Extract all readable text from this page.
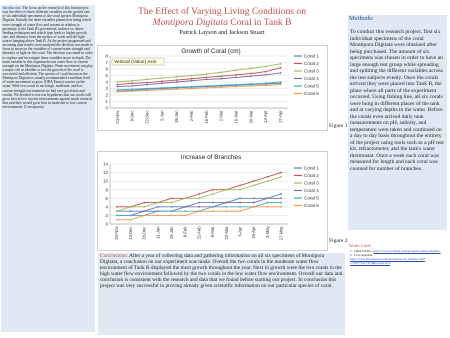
Introduction: The focus on the research of this final project was the effect of three different variables on the growth rate of six individual specimens of the coral species Montipora Digitata. Initially the three variables planned on being tested were strength of water flow and current in relation to proximity to the Tank B's powerhead, indirect vs. direct feeding techniques and which type leads to higher growth rate, and distance from the surface of water and the light source hanging above Tank B. As the project progressed and incoming data results were analyzed the decision was made to focus in more on the variables of current/water strength and intensity of light on the coral. The decision was made in order to explore and investigate these variables more in depth. The main variable in this experiment was water flow or current strength on the Montipora Digitata. Water movement can play a major role in whether or not the growth of the coral is successful and efficient. The species of coral known as the Montipora Digitata is usually recommended a medium level of water movement to grow (ORA Farms) current on the water. With two corals in each high, moderate, and low current strength environment we had very good data and results. We decided to test our hypothesis that our corals will grow best in low current environments against much research that said they would grow best in moderate to low current environments. (Livesquaria)

The Effect of Varying Living Conditions on
Montipora Digitata Coral in Tank B

Patrick Layson and Jackson Stuart

Growth of Coral (cm)
0
1
2
3
4
5
6
7
8
24-Nov 8-Dec 22-Dec 5-Jan 19-Jan 2-Feb 16-Feb 2-Mar 16-Mar 30-Mar 13-Apr 27-Apr
Coral 1
Coral 2
Coral 3
Coral 4
Coral 5
Coral 6
Vertical (Value) Axis
Figure 1
Increase of Branches
0
2
4
6
8
10
12
14
30-Nov 14-Dec 28-Dec 11-Jan 25-Jan 8-Feb 22-Feb 8-Mar 22-Mar 5-Apr 19-Apr 3-May 17-May
Coral 1
Coral 2
Coral 3
Coral 4
Coral 5
Coral 6
Figure 2

Conclusions: After a year of collecting data and gathering information on all six specimens of Montipora Digitata, a conclusion on our experiment was made. Overall the two corals in the moderate water flow environment of Tank B displayed the most growth throughout the year. Next in growth were the two corals in the high water flow environment followed by the two corals in the low water flow environment. Overall our data and conclusion is consistent with the research and data that we found before starting our project. In conclusion this project was very successful in proving already given scientific information on our particular species of coral.

Methods:

To conduct this research project, first six individual specimens of the coral Montipora Digitata were obtained after being purchased. The amount of six specimens was chosen in order to have an large enough test group while spreading and splitting the different variables across the test subjects evenly. Once the corals arrived they were placed into Tank B, the place where all parts of the experiment occurred. Using fishing line, all six corals were hung in different places of the tank and at varying depths in the water. Before the corals even arrived daily tank measurements on pH, salinity, and temperature were taken and continued on a day to day basis throughout the entirety of the project using tools such as a pH test kit, refractometer, and the tank's water thermostat. Once a week each coral was measured for length and each coral was counted for number of branches.

Works Cited:

1. ORA Farms - http://www.orafarm.com/product/orange-digitata/

2. Live Aquaria- http://www.liveaquaria.com/product/prod_display.cfm?c=597+322+475&pcatid=475
